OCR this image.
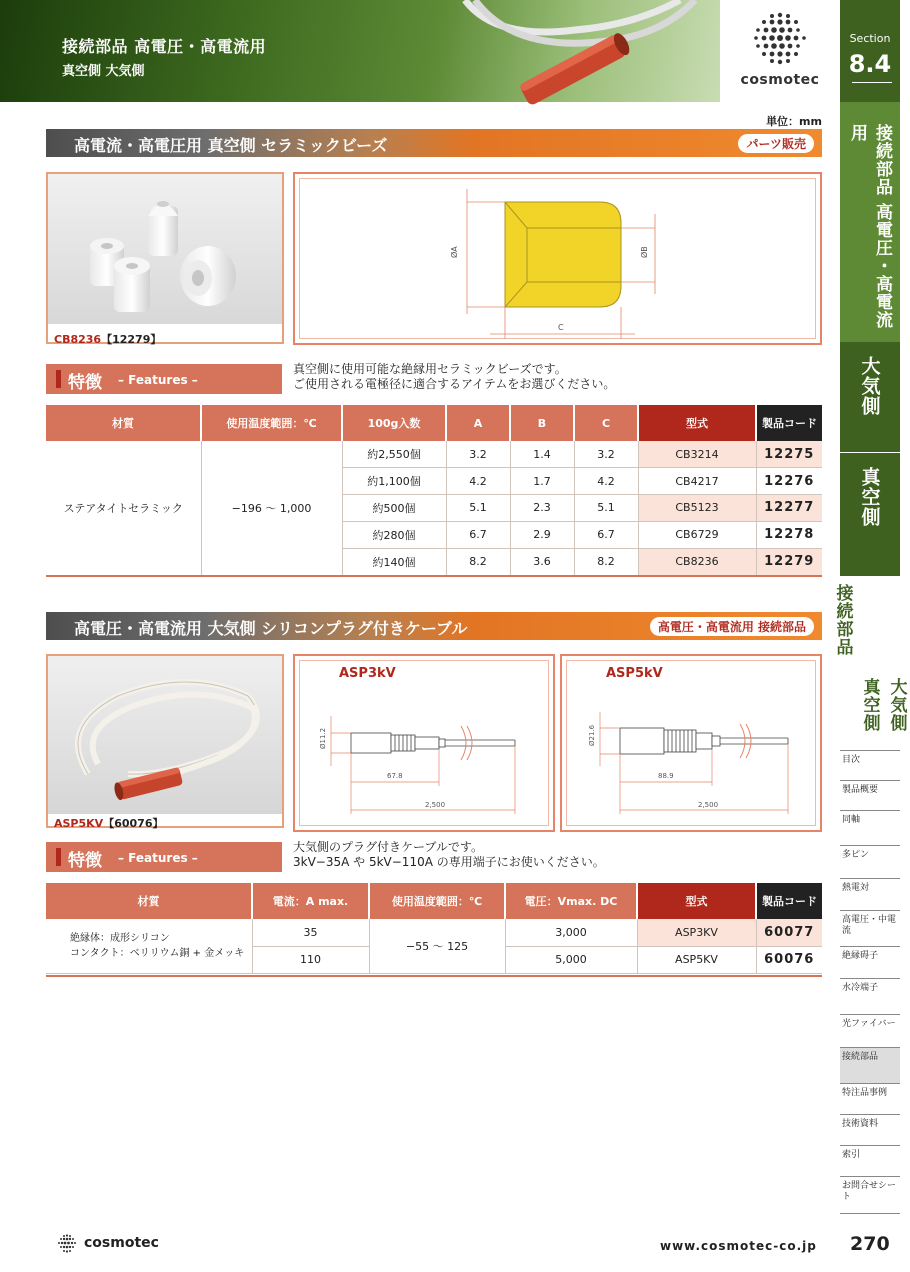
接続部品 高電圧・高電流用
真空側 大気側
cosmotec
Section
8.4
接続部品 高電圧・高電流用
大気側
真空側
接続部品
真空側 大気側
目次
製品概要
同軸
多ピン
熱電対
高電圧・中電流
絶縁碍子
水冷端子
光ファイバー
接続部品
特注品事例
技術資料
索引
お問合せシート
単位：mm
高電流・高電圧用 真空側 セラミックビーズ	パーツ販売
CB8236【12279】
ØA	ØB
C
特徴 – Features –
真空側に使用可能な絶縁用セラミックビーズです。
ご使用される電極径に適合するアイテムをお選びください。
材質	使用温度範囲：℃	100g入数	A	B	C	型式	製品コード
ステアタイトセラミック	−196 〜 1,000	約2,550個	3.2	1.4	3.2	CB3214	12275
		約1,100個	4.2	1.7	4.2	CB4217	12276
		約500個	5.1	2.3	5.1	CB5123	12277
		約280個	6.7	2.9	6.7	CB6729	12278
		約140個	8.2	3.6	8.2	CB8236	12279
高電圧・高電流用 大気側 シリコンプラグ付きケーブル	高電圧・高電流用 接続部品
ASP5KV【60076】
ASP3kV
Ø11.2
67.8
2,500
ASP5kV
Ø21.6
88.9
2,500
特徴 – Features –
大気側のプラグ付きケーブルです。
3kV−35A や 5kV−110A の専用端子にお使いください。
材質	電流：A max.	使用温度範囲：℃	電圧：Vmax. DC	型式	製品コード

絶縁体：成形シリコン
コンタクト：ベリリウム銅 + 金メッキ	35	−55 〜 125	3,000	ASP3KV	60077
	110		5,000	ASP5KV	60076
cosmotec	www.cosmotec-co.jp 270
